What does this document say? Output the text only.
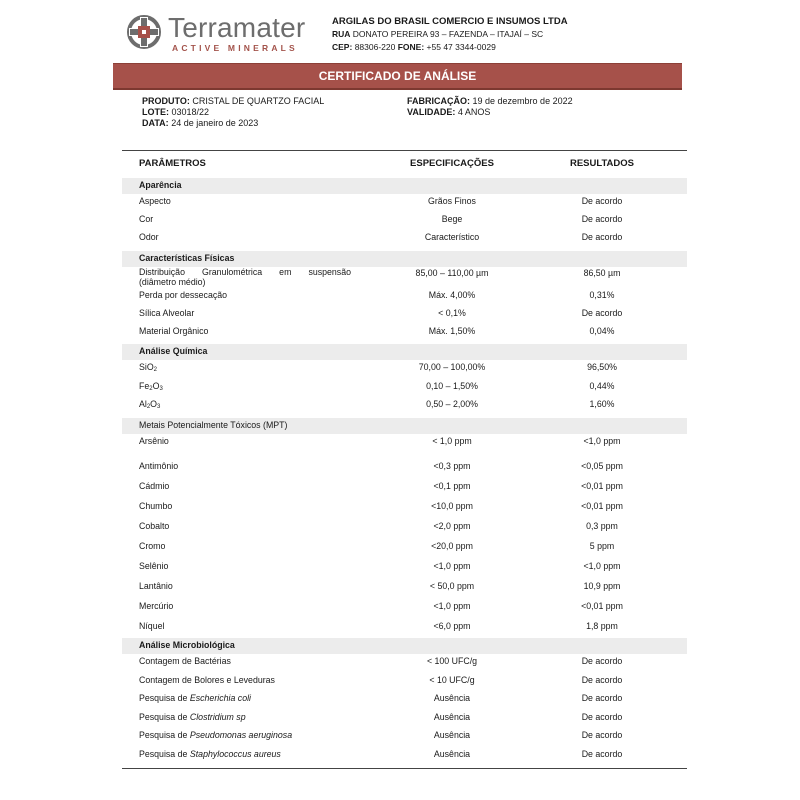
Terramater
ACTIVE MINERALS
ARGILAS DO BRASIL COMERCIO E INSUMOS LTDA
RUA DONATO PEREIRA 93 – FAZENDA – ITAJAÍ – SC
CEP: 88306-220 FONE: +55 47 3344-0029
CERTIFICADO DE ANÁLISE
PRODUTO: CRISTAL DE QUARTZO FACIAL
LOTE: 03018/22
DATA: 24 de janeiro de 2023
FABRICAÇÃO: 19 de dezembro de 2022
VALIDADE: 4 ANOS
PARÂMETROS	ESPECIFICAÇÕES	RESULTADOS
Aparência
Aspecto	Grãos Finos	De acordo
Cor	Bege	De acordo
Odor	Característico	De acordo
Características Físicas
Distribuição Granulométrica em suspensão
(diâmetro médio)
85,00 – 110,00 µm	86,50 µm
Perda por dessecação	Máx. 4,00%	0,31%
Sílica Alveolar	< 0,1%	De acordo
Material Orgânico	Máx. 1,50%	0,04%
Análise Química
SiO$_2$	70,00 – 100,00%	96,50%
$Fe_2O_3$	0,10 – 1,50%	0,44%
$Al_2O_3$	0,50 – 2,00%	1,60%
Metais Potencialmente Tóxicos (MPT)
Arsênio	< 1,0 ppm	<1,0 ppm
Antimônio	<0,3 ppm	<0,05 ppm
Cádmio	<0,1 ppm	<0,01 ppm
Chumbo	<10,0 ppm	<0,01 ppm
Cobalto	<2,0 ppm	0,3 ppm
Cromo	<20,0 ppm	5 ppm
Selênio	<1,0 ppm	<1,0 ppm
Lantânio	< 50,0 ppm	10,9 ppm
Mercúrio	<1,0 ppm	<0,01 ppm
Níquel	<6,0 ppm	1,8 ppm
Análise Microbiológica
Contagem de Bactérias	< 100 UFC/g	De acordo
Contagem de Bolores e Leveduras	< 10 UFC/g	De acordo
Pesquisa de Escherichia coli	Ausência	De acordo
Pesquisa de Clostridium sp	Ausência	De acordo
Pesquisa de Pseudomonas aeruginosa	Ausência	De acordo
Pesquisa de Staphylococcus aureus	Ausência	De acordo
